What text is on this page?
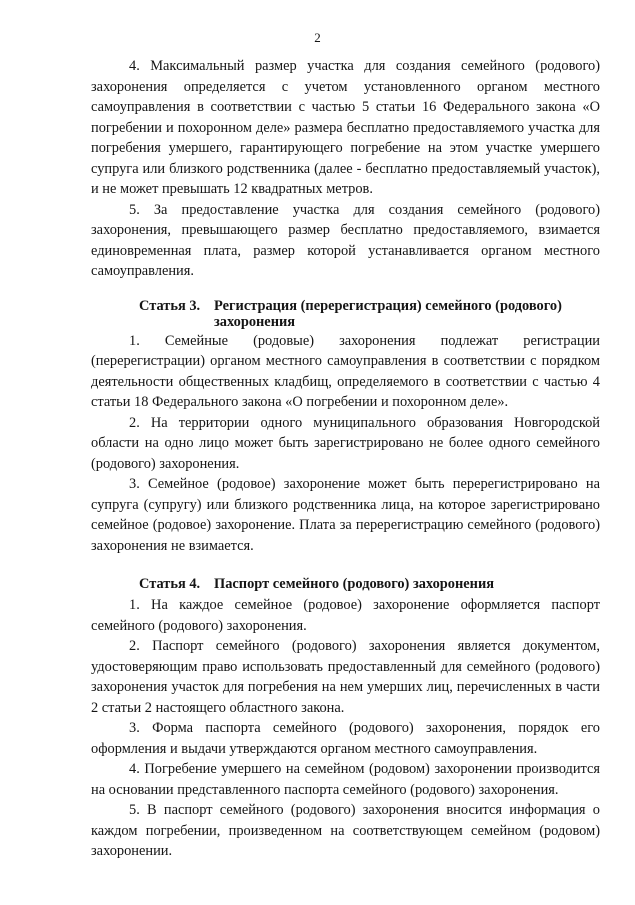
2

4. Максимальный размер участка для создания семейного (родового) захоронения определяется с учетом установленного органом местного самоуправления в соответствии с частью 5 статьи 16 Федерального закона «О погребении и похоронном деле» размера бесплатно предоставляемого участка для погребения умершего, гарантирующего погребение на этом участке умершего супруга или близкого родственника (далее - бесплатно предоставляемый участок), и не может превышать 12 квадратных метров.

5. За предоставление участка для создания семейного (родового) захоронения, превышающего размер бесплатно предоставляемого, взимается единовременная плата, размер которой устанавливается органом местного самоуправления.

Статья 3. Регистрация (перерегистрация) семейного (родового) захоронения

1. Семейные (родовые) захоронения подлежат регистрации (перерегистрации) органом местного самоуправления в соответствии с порядком деятельности общественных кладбищ, определяемого в соответствии с частью 4 статьи 18 Федерального закона «О погребении и похоронном деле».

2. На территории одного муниципального образования Новгородской области на одно лицо может быть зарегистрировано не более одного семейного (родового) захоронения.

3. Семейное (родовое) захоронение может быть перерегистрировано на супруга (супругу) или близкого родственника лица, на которое зарегистрировано семейное (родовое) захоронение. Плата за перерегистрацию семейного (родового) захоронения не взимается.

Статья 4. Паспорт семейного (родового) захоронения

1. На каждое семейное (родовое) захоронение оформляется паспорт семейного (родового) захоронения.

2. Паспорт семейного (родового) захоронения является документом, удостоверяющим право использовать предоставленный для семейного (родового) захоронения участок для погребения на нем умерших лиц, перечисленных в части 2 статьи 2 настоящего областного закона.

3. Форма паспорта семейного (родового) захоронения, порядок его оформления и выдачи утверждаются органом местного самоуправления.

4. Погребение умершего на семейном (родовом) захоронении производится на основании представленного паспорта семейного (родового) захоронения.

5. В паспорт семейного (родового) захоронения вносится информация о каждом погребении, произведенном на соответствующем семейном (родовом) захоронении.
